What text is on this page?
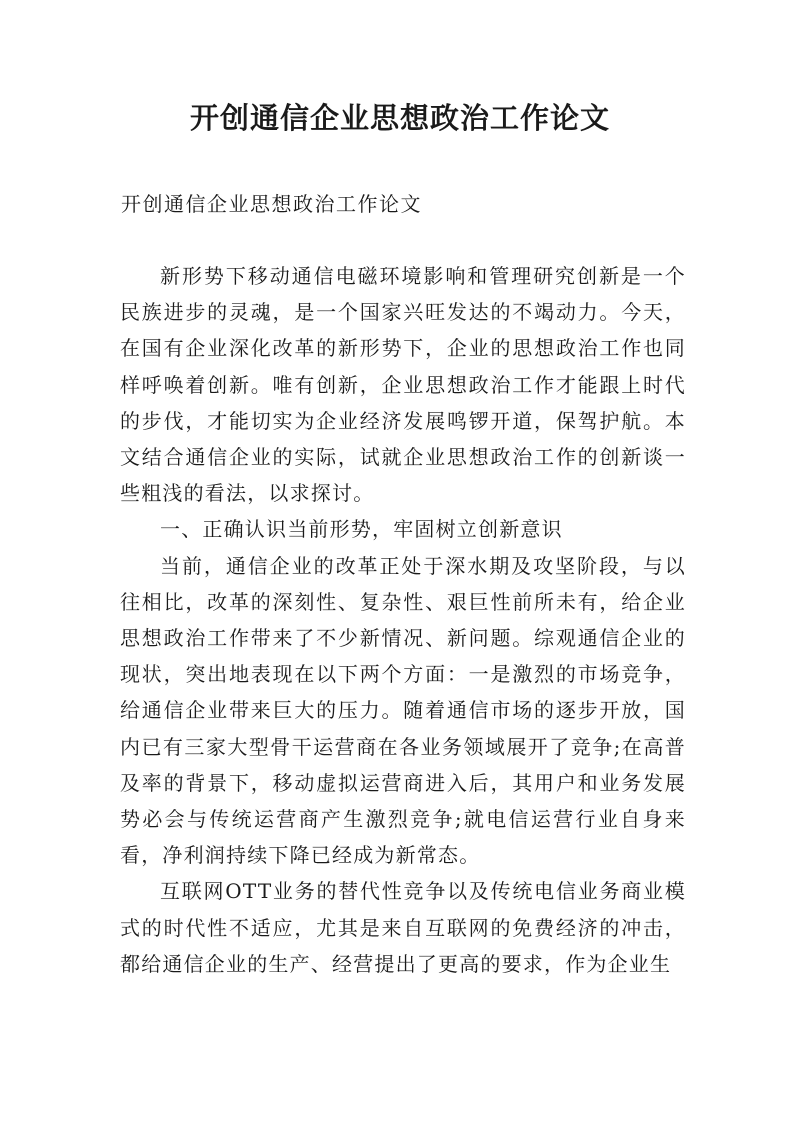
开创通信企业思想政治工作论文
开创通信企业思想政治工作论文

新形势下移动通信电磁环境影响和管理研究创新是一个民族进步的灵魂，是一个国家兴旺发达的不竭动力。今天，在国有企业深化改革的新形势下，企业的思想政治工作也同样呼唤着创新。唯有创新，企业思想政治工作才能跟上时代的步伐，才能切实为企业经济发展鸣锣开道，保驾护航。本文结合通信企业的实际，试就企业思想政治工作的创新谈一些粗浅的看法，以求探讨。

一、正确认识当前形势，牢固树立创新意识

当前，通信企业的改革正处于深水期及攻坚阶段，与以往相比，改革的深刻性、复杂性、艰巨性前所未有，给企业思想政治工作带来了不少新情况、新问题。综观通信企业的现状，突出地表现在以下两个方面：一是激烈的市场竞争，给通信企业带来巨大的压力。随着通信市场的逐步开放，国内已有三家大型骨干运营商在各业务领域展开了竞争;在高普及率的背景下，移动虚拟运营商进入后，其用户和业务发展势必会与传统运营商产生激烈竞争;就电信运营行业自身来看，净利润持续下降已经成为新常态。

互联网OTT业务的替代性竞争以及传统电信业务商业模式的时代性不适应，尤其是来自互联网的免费经济的冲击，都给通信企业的生产、经营提出了更高的要求，作为企业生
